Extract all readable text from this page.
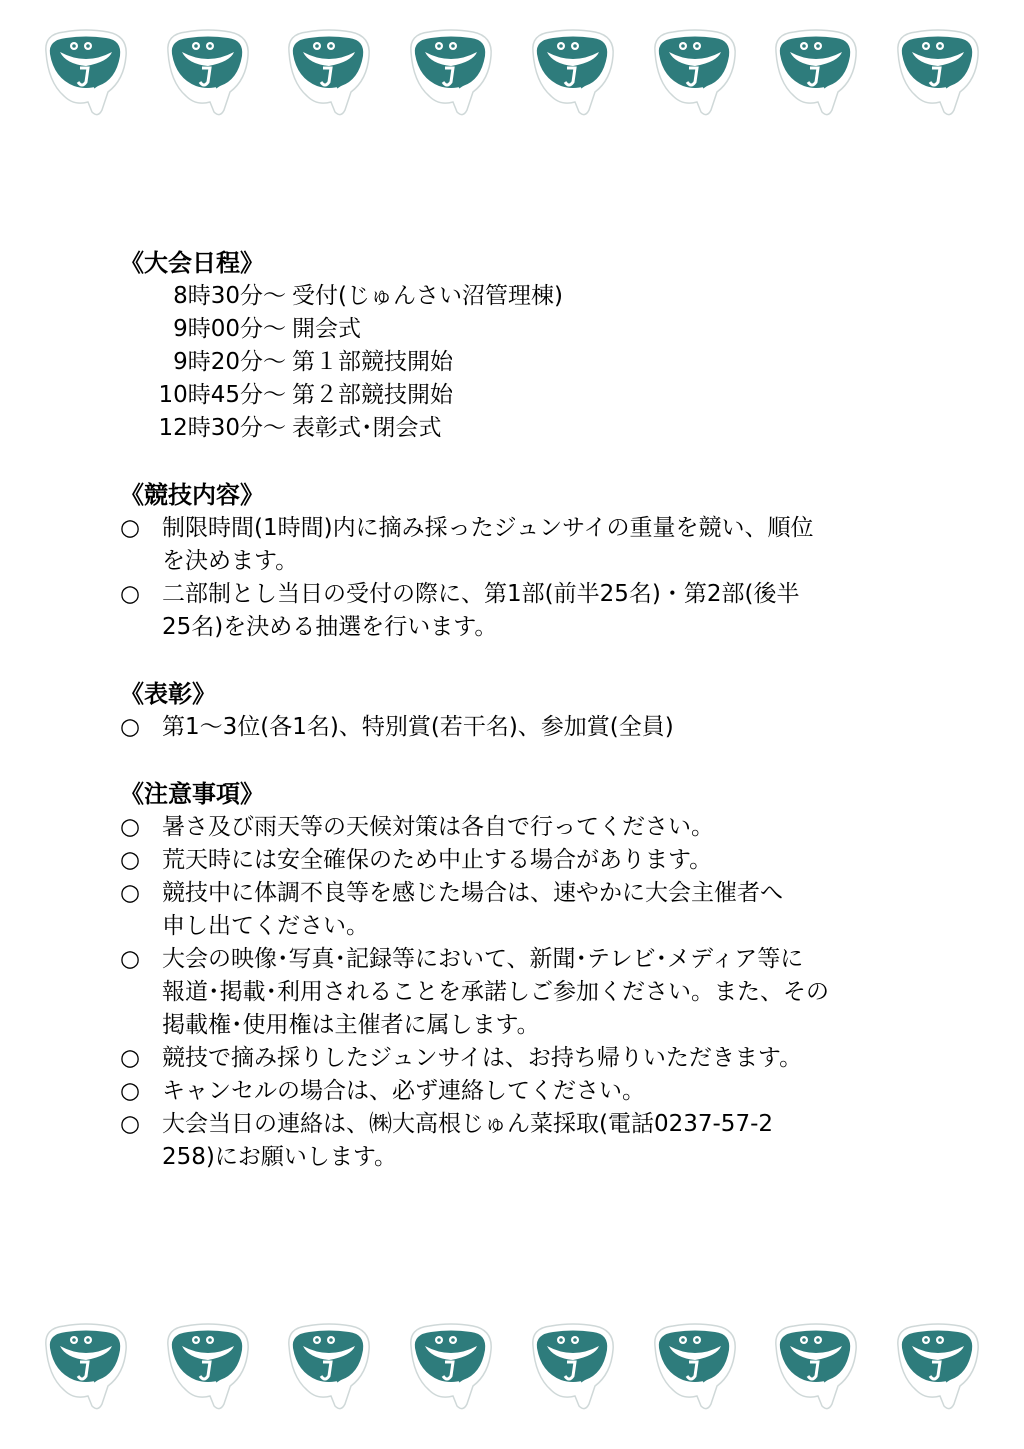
《大会日程》
8時30分～ 受付(じゅんさい沼管理棟)
9時00分～ 開会式
9時20分～ 第１部競技開始
10時45分～ 第２部競技開始
12時30分～ 表彰式･閉会式
《競技内容》
○ 制限時間(1時間)内に摘み採ったジュンサイの重量を競い、順位
を決めます。
○ 二部制とし当日の受付の際に、第1部(前半25名)・第2部(後半
25名)を決める抽選を行います。
《表彰》
○ 第1～3位(各1名)、特別賞(若干名)、参加賞(全員)
《注意事項》
○ 暑さ及び雨天等の天候対策は各自で行ってください。
○ 荒天時には安全確保のため中止する場合があります。
○ 競技中に体調不良等を感じた場合は、速やかに大会主催者へ
申し出てください。
○ 大会の映像･写真･記録等において、新聞･テレビ･メディア等に
報道･掲載･利用されることを承諾しご参加ください。また、その
掲載権･使用権は主催者に属します。
○ 競技で摘み採りしたジュンサイは、お持ち帰りいただきます。
○ キャンセルの場合は、必ず連絡してください。
○ 大会当日の連絡は、㈱大高根じゅん菜採取(電話0237-57-2
258)にお願いします。
